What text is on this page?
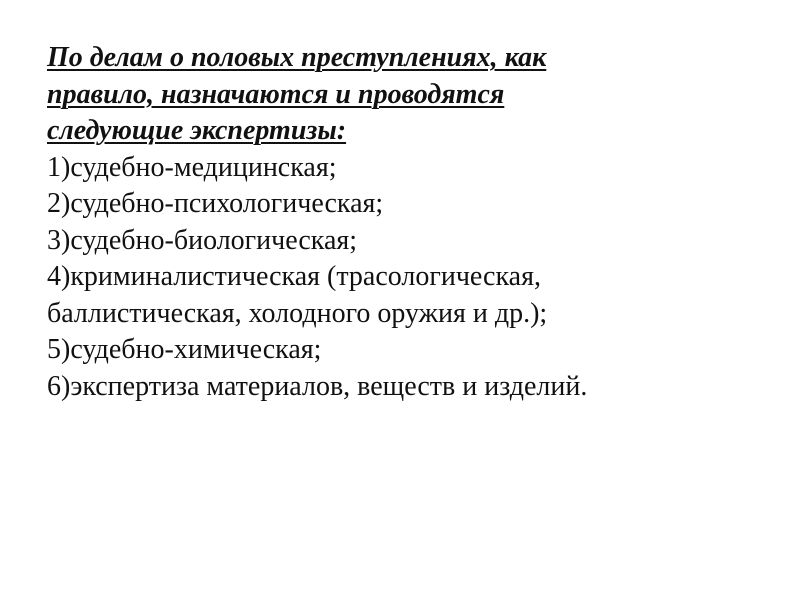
По делам о половых преступлениях, как
правило, назначаются и проводятся
следующие экспертизы:
1)судебно-медицинская;
2)судебно-психологическая;
3)судебно-биологическая;
4)криминалистическая (трасологическая,
баллистическая, холодного оружия и др.);
5)судебно-химическая;
6)экспертиза материалов, веществ и изделий.
